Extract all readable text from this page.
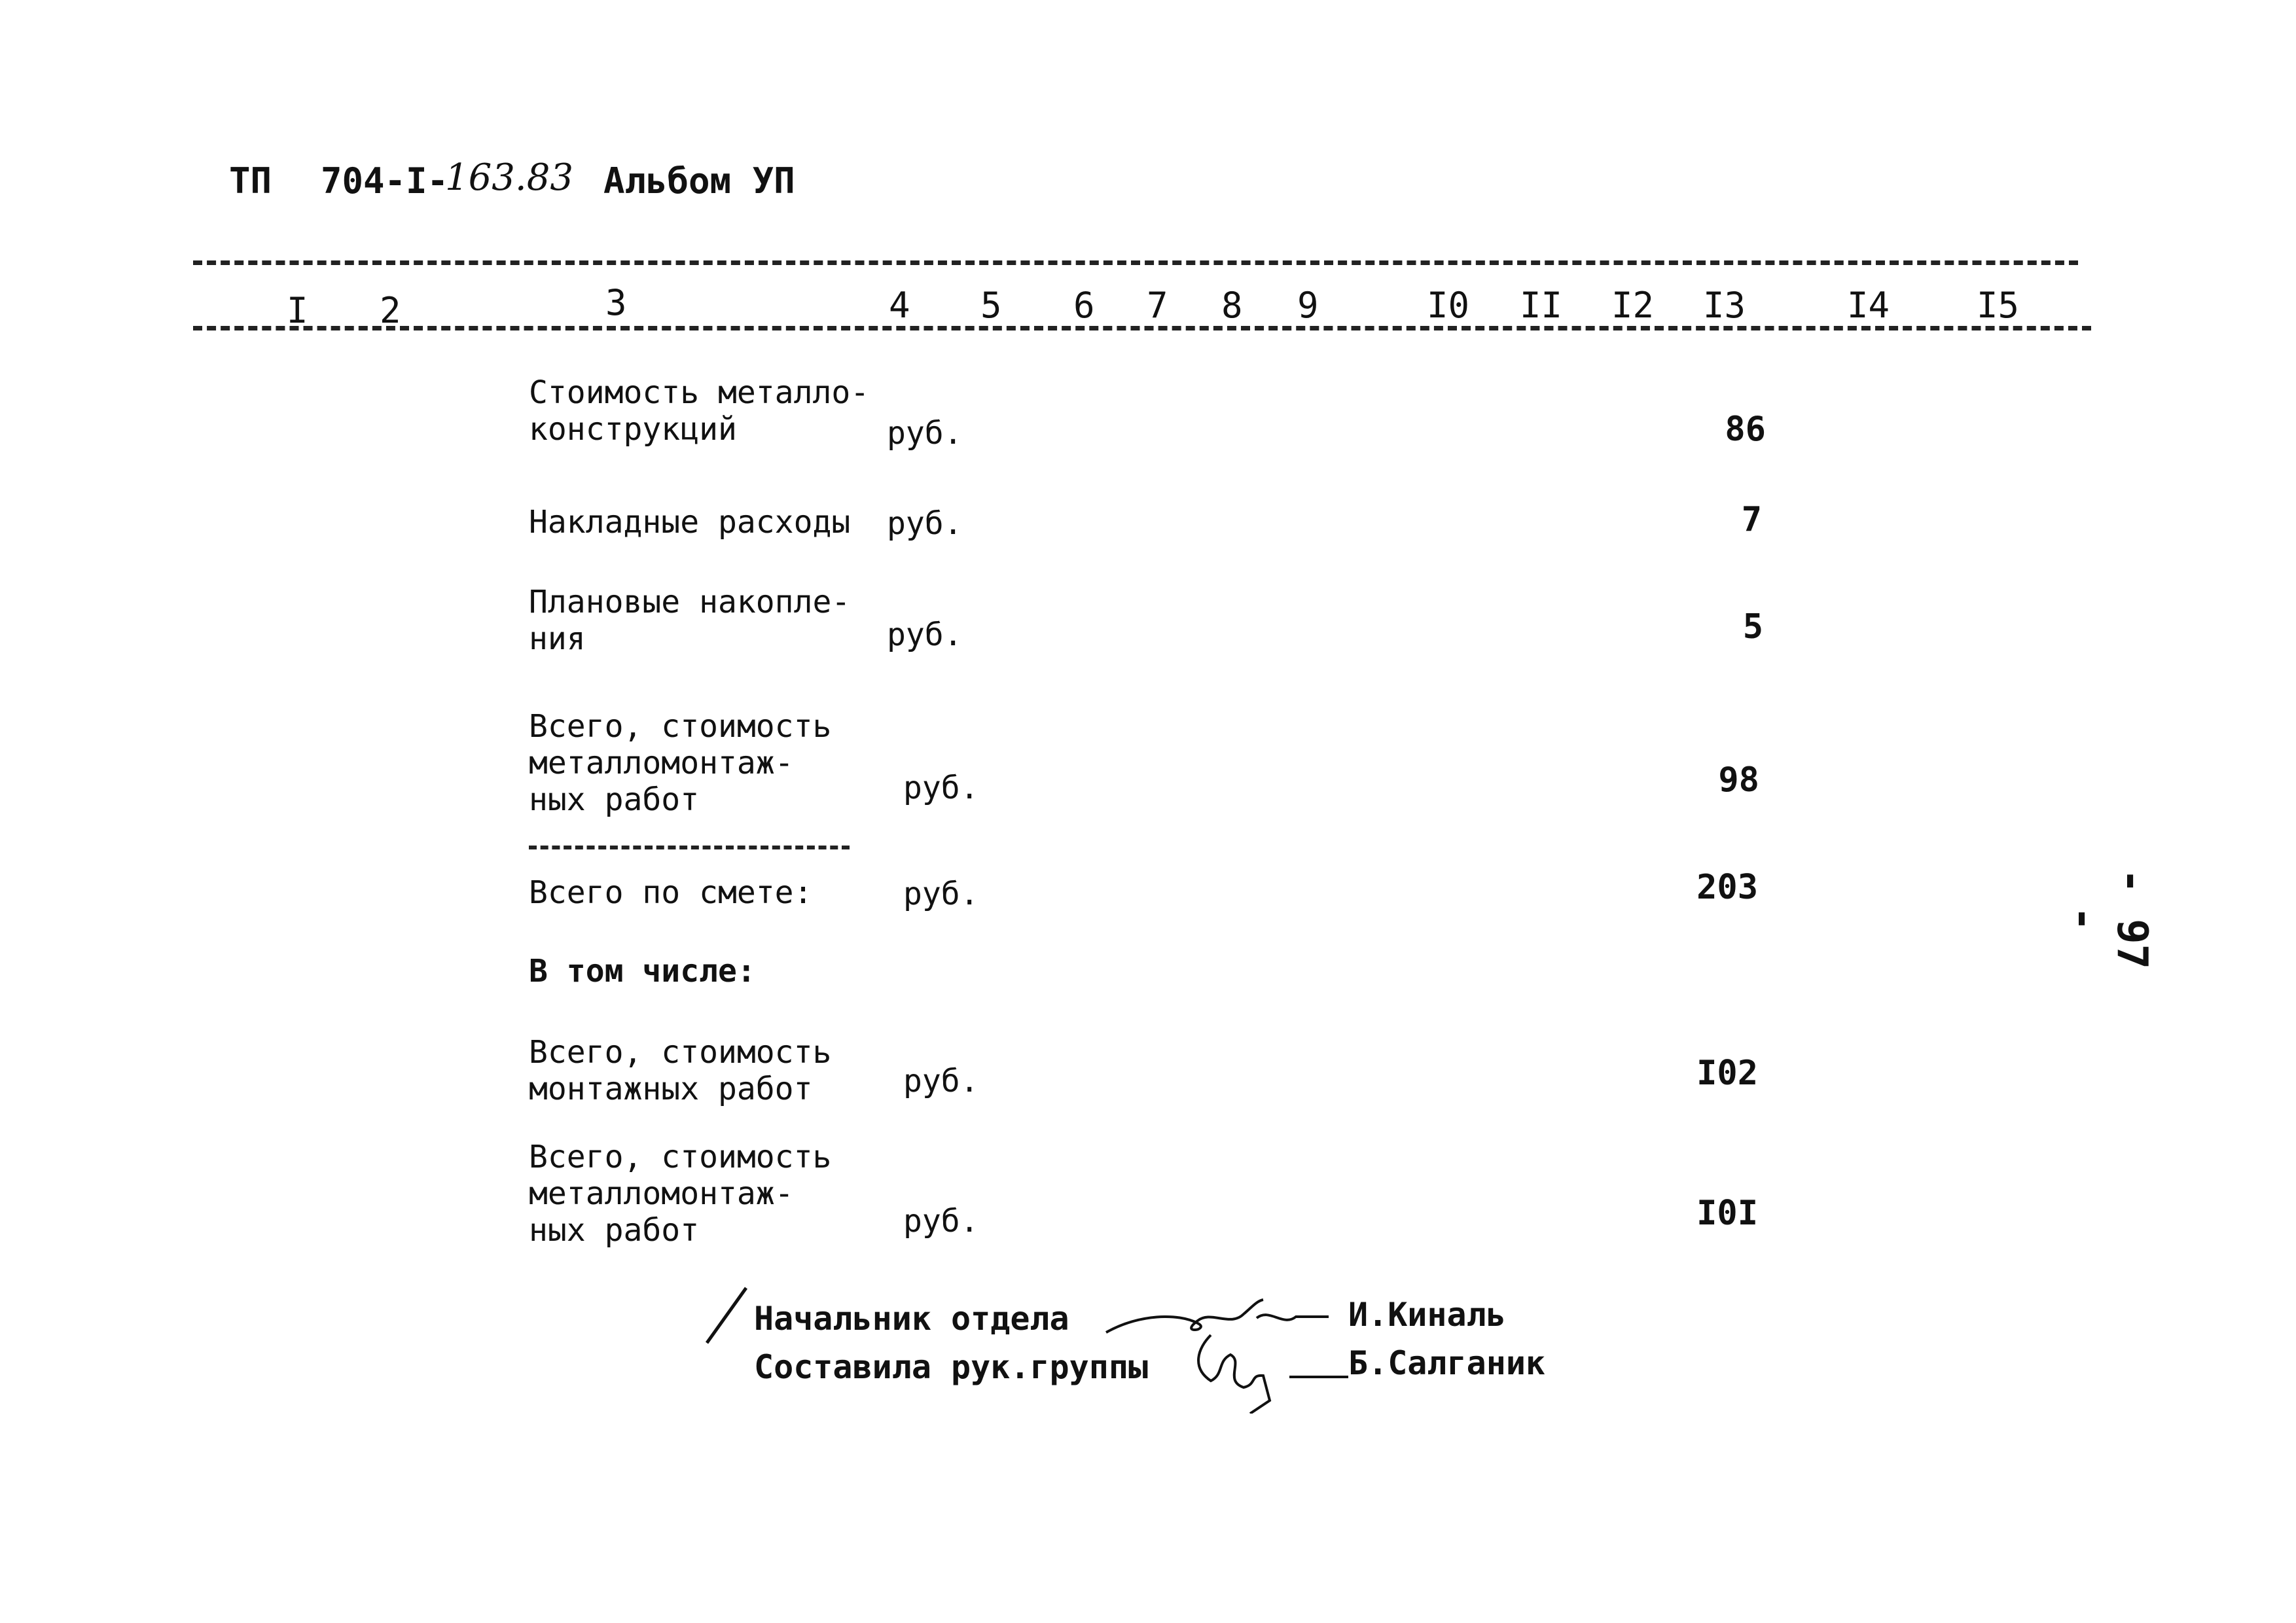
ТП 704-I-
163.83 Альбом УП
I 2	3	4 5 6 7 8 9	I0 II I2 I3	I4 I5
Стоимость металло-
конструкций	руб.	86
Накладные расходы руб.	7
Плановые накопле-
ния	руб.	5
Всего, стоимость
металломонтаж-
ных работ	руб.	98
Всего по смете:	руб.	203
В том числе:
Всего, стоимость
монтажных работ	руб.	I02
Всего, стоимость
металломонтаж-
ных работ	руб.	I0I
Начальник отдела
Составила рук.группы
И.Киналь
Б.Салганик
- 97 -
